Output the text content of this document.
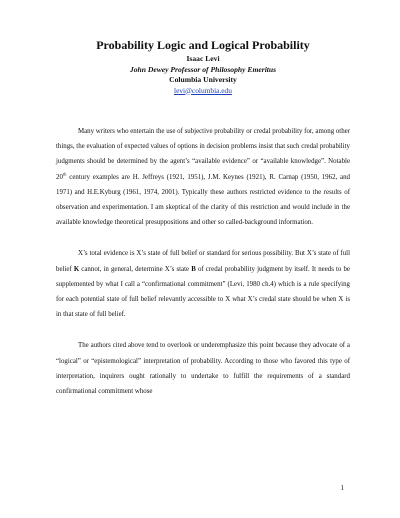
Probability Logic and Logical Probability

Isaac Levi

John Dewey Professor of Philosophy Emeritus

Columbia University

levi@columbia.edu

Many writers who entertain the use of subjective probability or credal probability for, among other things, the evaluation of expected values of options in decision problems insist that such credal probability judgments should be determined by the agent’s “available evidence” or “available knowledge”. Notable 20th century examples are H. Jeffreys (1921, 1951), J.M. Keynes (1921), R. Carnap (1950, 1962, and 1971) and H.E.Kyburg (1961, 1974, 2001). Typically these authors restricted evidence to the results of observation and experimentation. I am skeptical of the clarity of this restriction and would include in the available knowledge theoretical presuppositions and other so called-background information.

X’s total evidence is X’s state of full belief or standard for serious possibility. But X’s state of full belief K cannot, in general, determine X’s state B of credal probability judgment by itself. It needs to be supplemented by what I call a “confirmational commitment” (Levi, 1980 ch.4) which is a rule specifying for each potential state of full belief relevantly accessible to X what X’s credal state should be when X is in that state of full belief.

The authors cited above tend to overlook or underemphasize this point because they advocate of a “logical” or “epistemological” interpretation of probability. According to those who favored this type of interpretation, inquirers ought rationally to undertake to fulfill the requirements of a standard confirmational commitment whose

1
